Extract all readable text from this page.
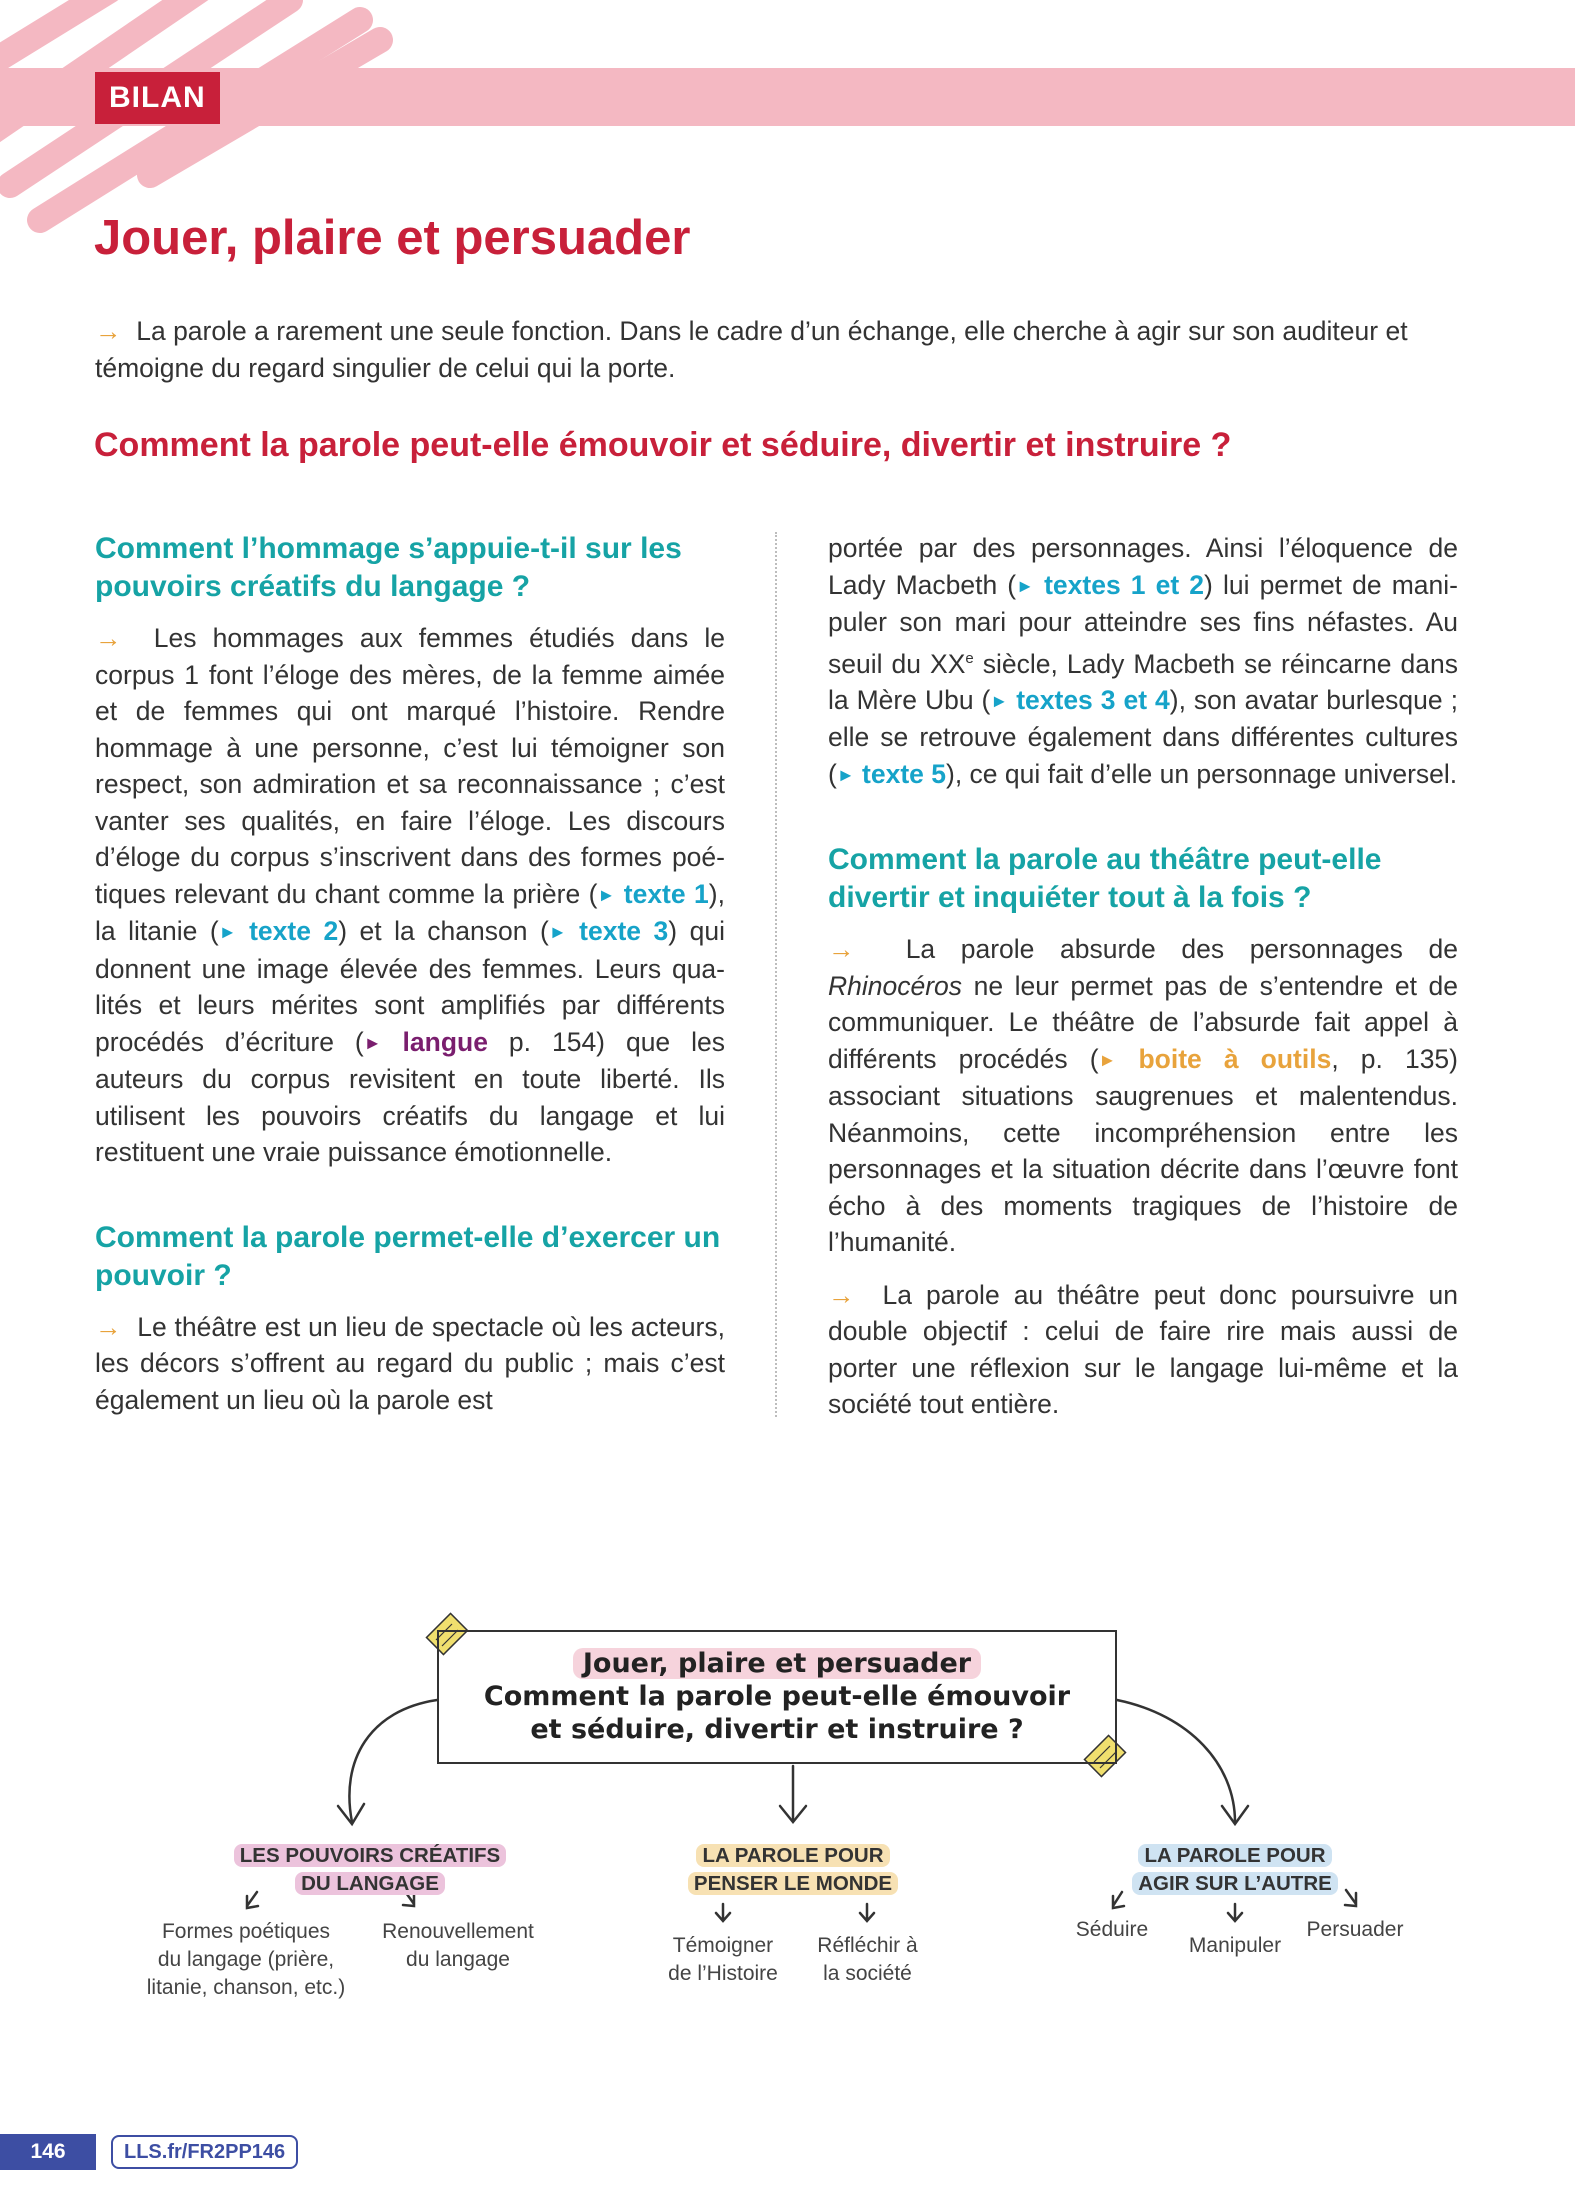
BILAN
Jouer, plaire et persuader

→ La parole a rarement une seule fonction. Dans le cadre d’un échange, elle cherche à agir sur son auditeur et témoigne du regard singulier de celui qui la porte.

Comment la parole peut-elle émouvoir et séduire, divertir et instruire ?
Comment l’hommage s’appuie-t-il sur les pouvoirs créatifs du langage ?

→ Les hommages aux femmes étudiés dans le corpus 1 font l’éloge des mères, de la femme aimée et de femmes qui ont marqué l’histoire. Rendre hommage à une personne, c’est lui témoigner son respect, son admiration et sa reconnaissance ; c’est vanter ses qualités, en faire l’éloge. Les discours d’éloge du corpus s’inscrivent dans des formes poétiques relevant du chant comme la prière (► texte 1), la litanie (► texte 2) et la chanson (► texte 3) qui donnent une image élevée des femmes. Leurs qualités et leurs mérites sont amplifiés par différents procédés d’écriture (► langue p. 154) que les auteurs du corpus revisitent en toute liberté. Ils utilisent les pouvoirs créatifs du langage et lui restituent une vraie puissance émotionnelle.

Comment la parole permet-elle d’exercer un pouvoir ?

→ Le théâtre est un lieu de spectacle où les acteurs, les décors s’offrent au regard du public ; mais c’est également un lieu où la parole est

portée par des personnages. Ainsi l’éloquence de Lady Macbeth (► textes 1 et 2) lui permet de manipuler son mari pour atteindre ses fins néfastes. Au seuil du XXe siècle, Lady Macbeth se réincarne dans la Mère Ubu (► textes 3 et 4), son avatar burlesque ; elle se retrouve également dans différentes cultures (► texte 5), ce qui fait d’elle un personnage universel.

Comment la parole au théâtre peut-elle divertir et inquiéter tout à la fois ?

→ La parole absurde des personnages de Rhinocéros ne leur permet pas de s’entendre et de communiquer. Le théâtre de l’absurde fait appel à différents procédés (► boite à outils, p. 135) associant situations saugrenues et malentendus. Néanmoins, cette incompréhension entre les personnages et la situation décrite dans l’œuvre font écho à des moments tragiques de l’histoire de l’humanité.

→ La parole au théâtre peut donc poursuivre un double objectif : celui de faire rire mais aussi de porter une réflexion sur le langage lui-même et la société tout entière.

Jouer, plaire et persuader

Comment la parole peut-elle émouvoir

et séduire, divertir et instruire ?

LES POUVOIRS CRÉATIFS
DU LANGAGE
Formes poétiques
du langage (prière,
litanie, chanson, etc.)
Renouvellement
du langage
LA PAROLE POUR
PENSER LE MONDE
Témoigner
de l’Histoire
Réfléchir à
la société
LA PAROLE POUR
AGIR SUR L’AUTRE
Séduire
Manipuler
Persuader
146	LLS.fr/FR2PP146
